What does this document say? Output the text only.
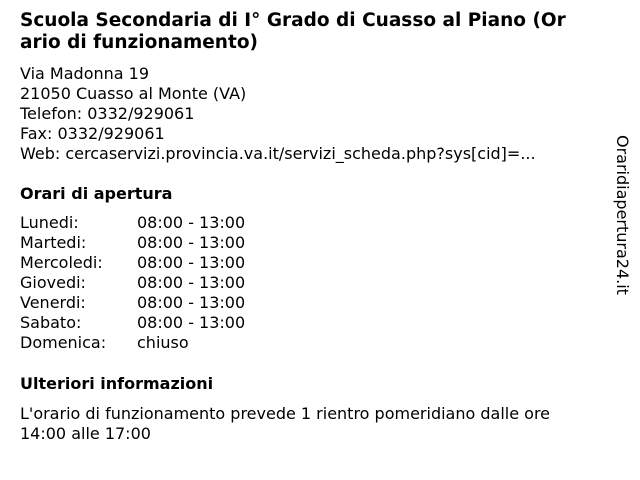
Scuola Secondaria di I° Grado di Cuasso al Piano (Or
ario di funzionamento)
Via Madonna 19
21050 Cuasso al Monte (VA)
Telefon: 0332/929061
Fax: 0332/929061
Web: cercaservizi.provincia.va.it/servizi_scheda.php?sys[cid]=...
Orari di apertura
Lunedi:	08:00 - 13:00
Martedi:	08:00 - 13:00
Mercoledi: 08:00 - 13:00
Giovedi:	08:00 - 13:00
Venerdi:	08:00 - 13:00
Sabato:	08:00 - 13:00
Domenica: chiuso
Ulteriori informazioni
L'orario di funzionamento prevede 1 rientro pomeridiano dalle ore
14:00 alle 17:00
Oraridiapertura24.it
